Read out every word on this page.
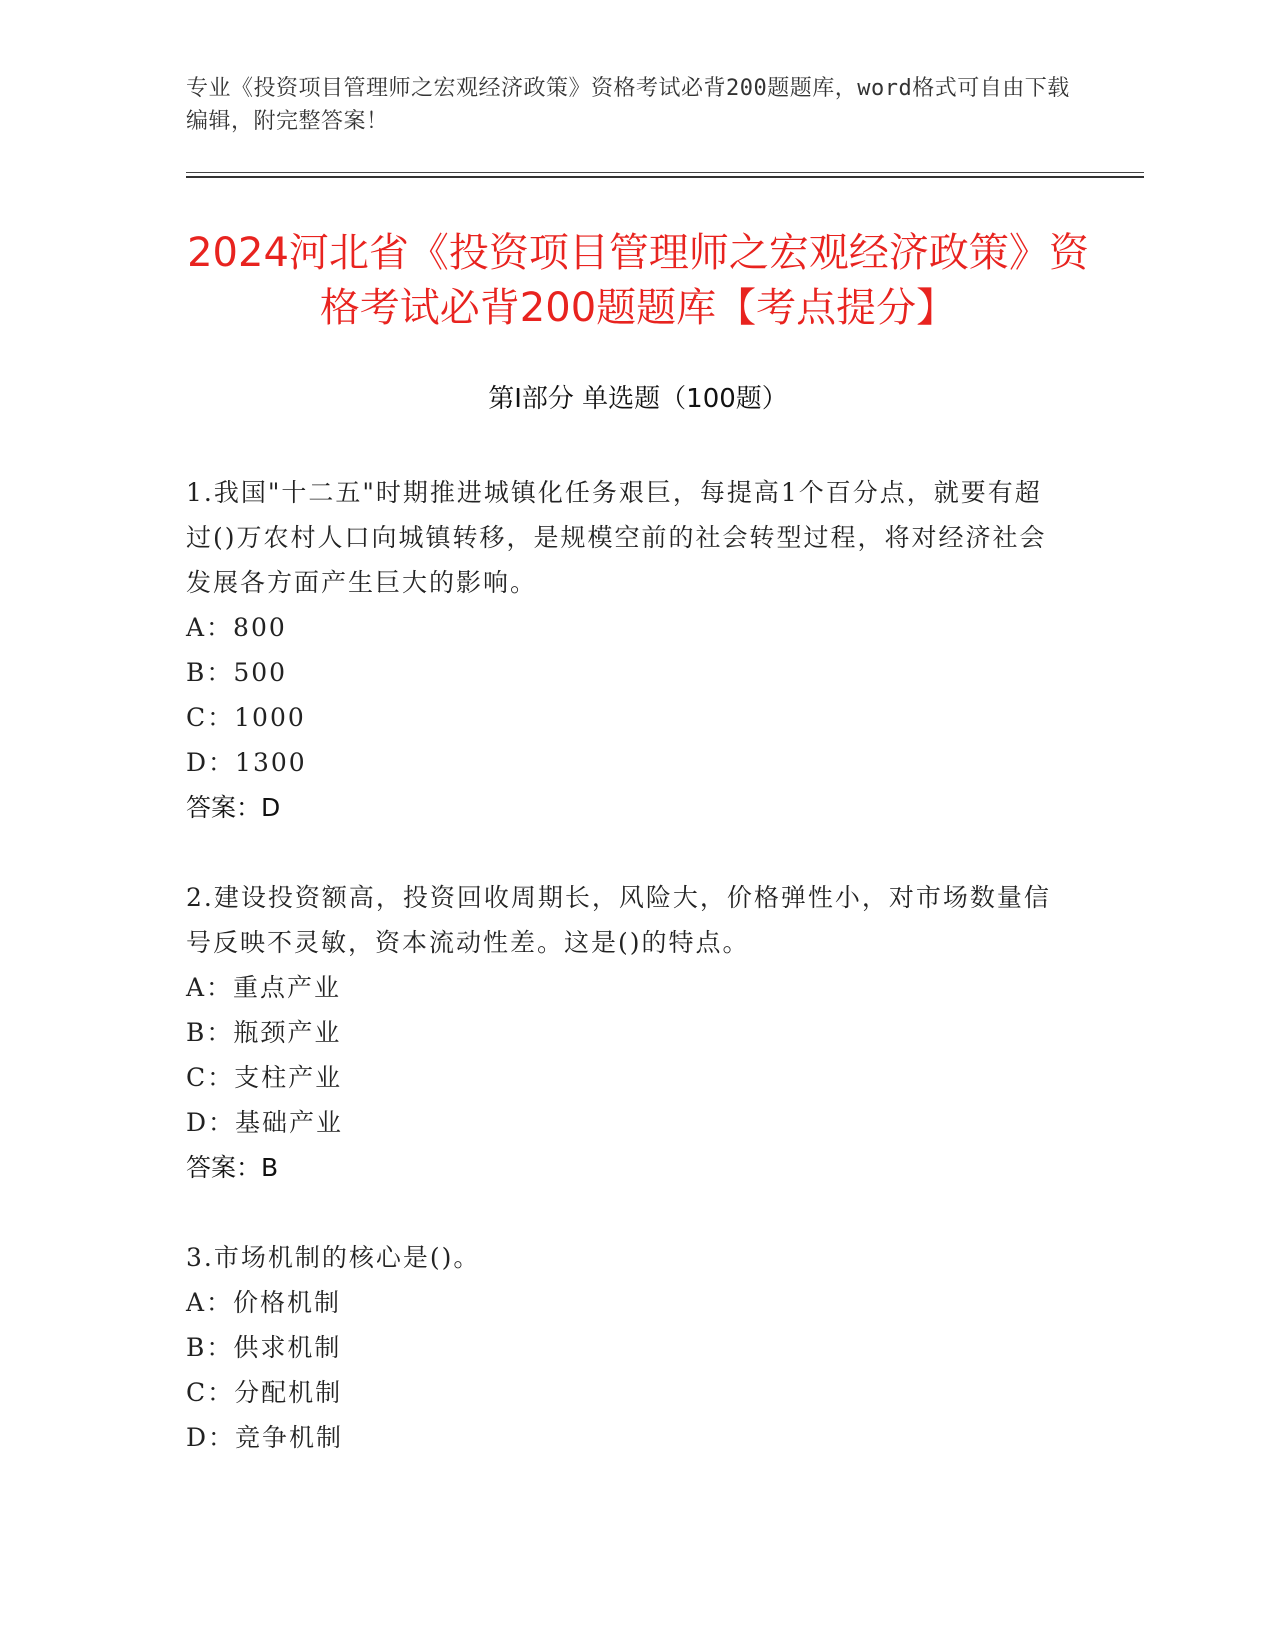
专业《投资项目管理师之宏观经济政策》资格考试必背200题题库，word格式可自由下载编辑，附完整答案！
2024河北省《投资项目管理师之宏观经济政策》资格考试必背200题题库【考点提分】
第I部分 单选题（100题）
1.我国"十二五"时期推进城镇化任务艰巨，每提高1个百分点，就要有超过()万农村人口向城镇转移，是规模空前的社会转型过程，将对经济社会发展各方面产生巨大的影响。
A：800
B：500
C：1000
D：1300
答案：D
2.建设投资额高，投资回收周期长，风险大，价格弹性小，对市场数量信号反映不灵敏，资本流动性差。这是()的特点。
A：重点产业
B：瓶颈产业
C：支柱产业
D：基础产业
答案：B
3.市场机制的核心是()。
A：价格机制
B：供求机制
C：分配机制
D：竞争机制
